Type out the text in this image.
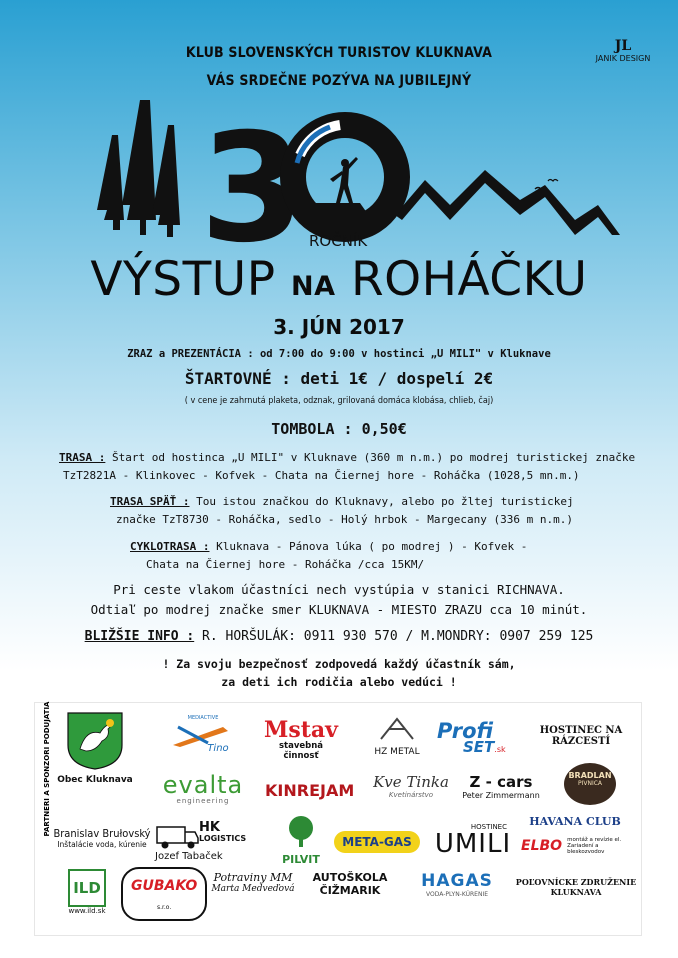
JL
JANIK DESIGN
KLUB SLOVENSKÝCH TURISTOV KLUKNAVA
VÁS SRDEČNE POZÝVA NA JUBILEJNÝ
3 ROČNÍK
VÝSTUP NA ROHÁČKU
3. JÚN 2017
ZRAZ a PREZENTÁCIA : od 7:00 do 9:00 v hostinci „U MILI" v Kluknave
ŠTARTOVNÉ : deti 1€ / dospelí 2€
( v cene je zahrnutá plaketa, odznak, grilovaná domáca klobása, chlieb, čaj)
TOMBOLA : 0,50€
TRASA : Štart od hostinca „U MILI" v Kluknave (360 m n.m.) po modrej turistickej značke
TzT2821A - Klinkovec - Kofvek - Chata na Čiernej hore - Roháčka (1028,5 mn.m.)
TRASA SPÄŤ : Tou istou značkou do Kluknavy, alebo po žltej turistickej
značke TzT8730 - Roháčka, sedlo - Holý hrbok - Margecany (336 m n.m.)
CYKLOTRASA : Kluknava - Pánova lúka ( po modrej ) - Kofvek -
Chata na Čiernej hore - Roháčka /cca 15KM/
Pri ceste vlakom účastníci nech vystúpia v stanici RICHNAVA.
Odtiaľ po modrej značke smer KLUKNAVA - MIESTO ZRAZU cca 10 minút.
BLIŽŠIE INFO : R. HORŠULÁK: 0911 930 570 / M.MONDRY: 0907 259 125
! Za svoju bezpečnosť zodpovedá každý účastník sám,
za deti ich rodičia alebo vedúci !
PARTNERI A SPONZORI PODUJATIA Obec Kluknava
MEDIACTIVE
Tino
Mstav
stavebná činnosť	HZ METAL
Profi
SET.sk
HOSTINEC NA RÁZCESTÍ
evalta
engineering
KINREJAM	Kve Tinka
Kvetinárstvo
Z - cars
Peter Zimmermann
BRADLAN
PIVNICA
Branislav Brułovský
Inštalácie voda, kúrenie
HK
LOGISTICS
Jozef Tabaček	PILVIT
META-GAS
HOSTINEC
UMILI
HAVANA CLUB
ELBO montáž a revízie el. Zariadení a bleskozvodov
ILD
www.ild.sk
GUBAKO s.r.o.
Potraviny MM
Marta Medveďová
AUTOŠKOLA
ČIŽMARIK	HAGAS
VODA-PLYN-KÚRENIE
POĽOVNÍCKE ZDRUŽENIE
KLUKNAVA
